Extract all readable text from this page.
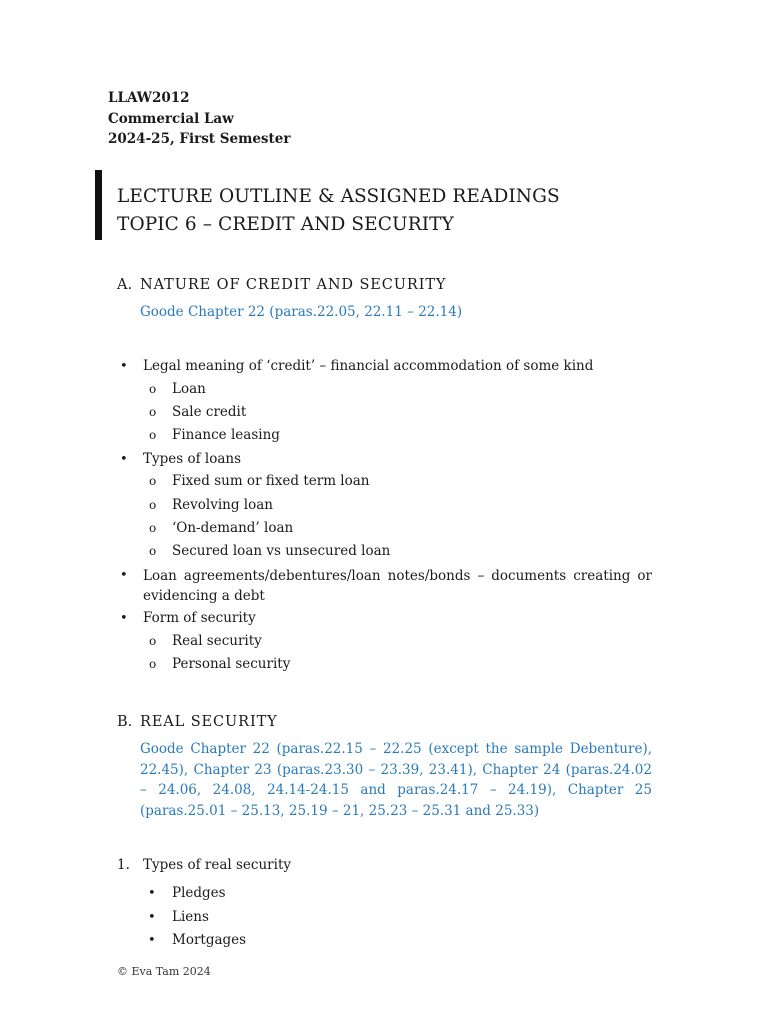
LLAW2012
Commercial Law
2024-25, First Semester
LECTURE OUTLINE & ASSIGNED READINGS
TOPIC 6 – CREDIT AND SECURITY
A. NATURE OF CREDIT AND SECURITY
Goode Chapter 22 (paras.22.05, 22.11 – 22.14)
• Legal meaning of ‘credit’ – financial accommodation of some kind
o Loan
o Sale credit
o Finance leasing
• Types of loans
o Fixed sum or fixed term loan
o Revolving loan
o ‘On-demand’ loan
o Secured loan vs unsecured loan
• Loan agreements/debentures/loan notes/bonds – documents creating or evidencing a debt
• Form of security
o Real security
o Personal security
B. REAL SECURITY
Goode Chapter 22 (paras.22.15 – 22.25 (except the sample Debenture), 22.45), Chapter 23 (paras.23.30 – 23.39, 23.41), Chapter 24 (paras.24.02 – 24.06, 24.08, 24.14-24.15 and paras.24.17 – 24.19), Chapter 25 (paras.25.01 – 25.13, 25.19 – 21, 25.23 – 25.31 and 25.33)
1. Types of real security
• Pledges
• Liens
• Mortgages
© Eva Tam 2024
